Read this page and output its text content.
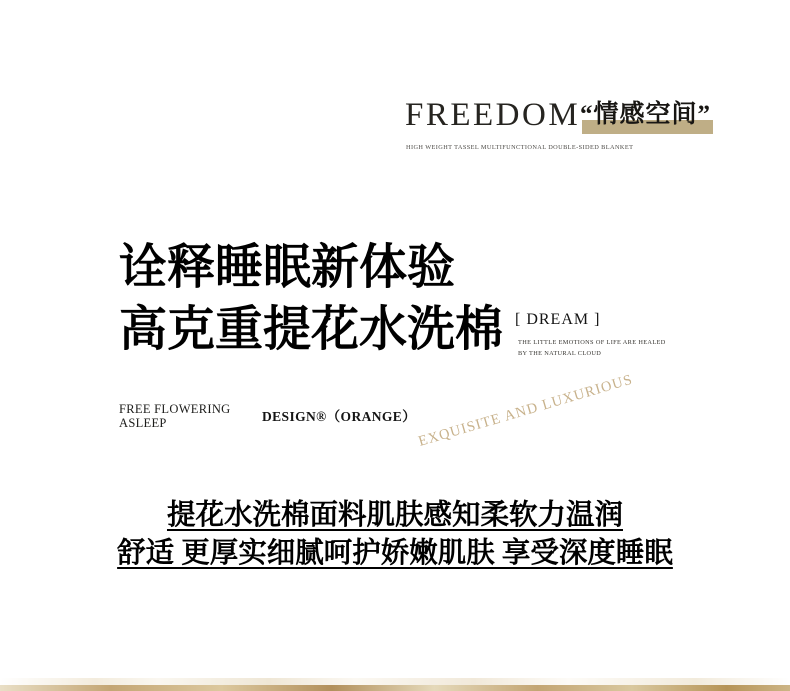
FREEDOM “情感空间”
HIGH WEIGHT TASSEL MULTIFUNCTIONAL DOUBLE-SIDED BLANKET
诠释睡眠新体验
高克重提花水洗棉 [ DREAM ]
THE LITTLE EMOTIONS OF LIFE ARE HEALED
BY THE NATURAL CLOUD
FREE FLOWERING
ASLEEP	DESIGN®（ORANGE）
EXQUISITE AND LUXURIOUS
提花水洗棉面料肌肤感知柔软力温润
舒适 更厚实细腻呵护娇嫩肌肤 享受深度睡眠
